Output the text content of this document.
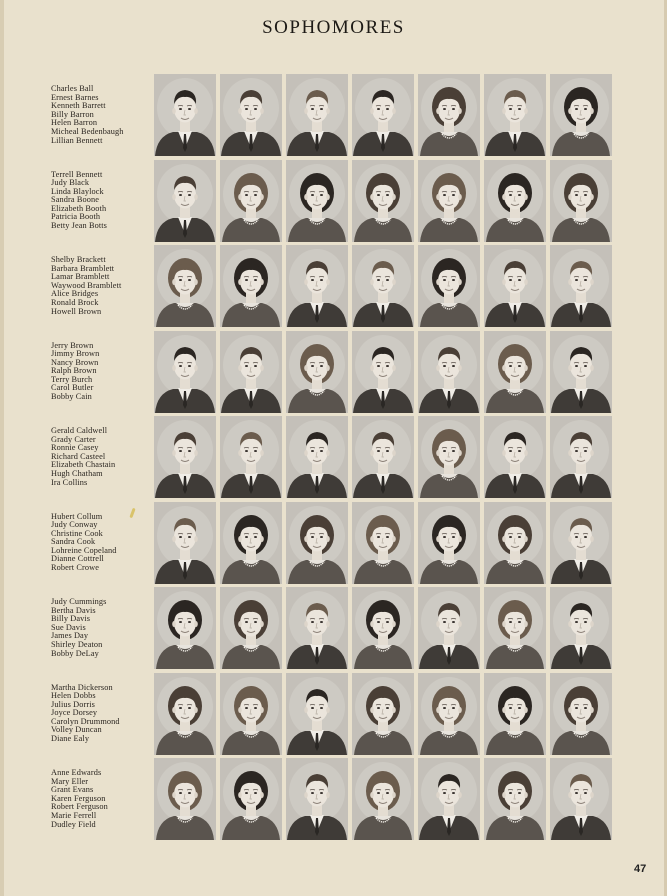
SOPHOMORES
Charles Ball
Ernest Barnes
Kenneth Barrett
Billy Barron
Helen Barron
Micheal Bedenbaugh
Lillian Bennett
Terrell Bennett
Judy Black
Linda Blaylock
Sandra Boone
Elizabeth Booth
Patricia Booth
Betty Jean Botts
Shelby Brackett
Barbara Bramblett
Lamar Bramblett
Waywood Bramblett
Alice Bridges
Ronald Brock
Howell Brown
Jerry Brown
Jimmy Brown
Nancy Brown
Ralph Brown
Terry Burch
Carol Butler
Bobby Cain
Gerald Caldwell
Grady Carter
Ronnie Casey
Richard Casteel
Elizabeth Chastain
Hugh Chatham
Ira Collins
Hubert Collum
Judy Conway
Christine Cook
Sandra Cook
Lohreine Copeland
Dianne Cottrell
Robert Crowe
Judy Cummings
Bertha Davis
Billy Davis
Sue Davis
James Day
Shirley Deaton
Bobby DeLay
Martha Dickerson
Helen Dobbs
Julius Dorris
Joyce Dorsey
Carolyn Drummond
Volley Duncan
Diane Ealy
Anne Edwards
Mary Eller
Grant Evans
Karen Ferguson
Robert Ferguson
Marie Ferrell
Dudley Field
47
